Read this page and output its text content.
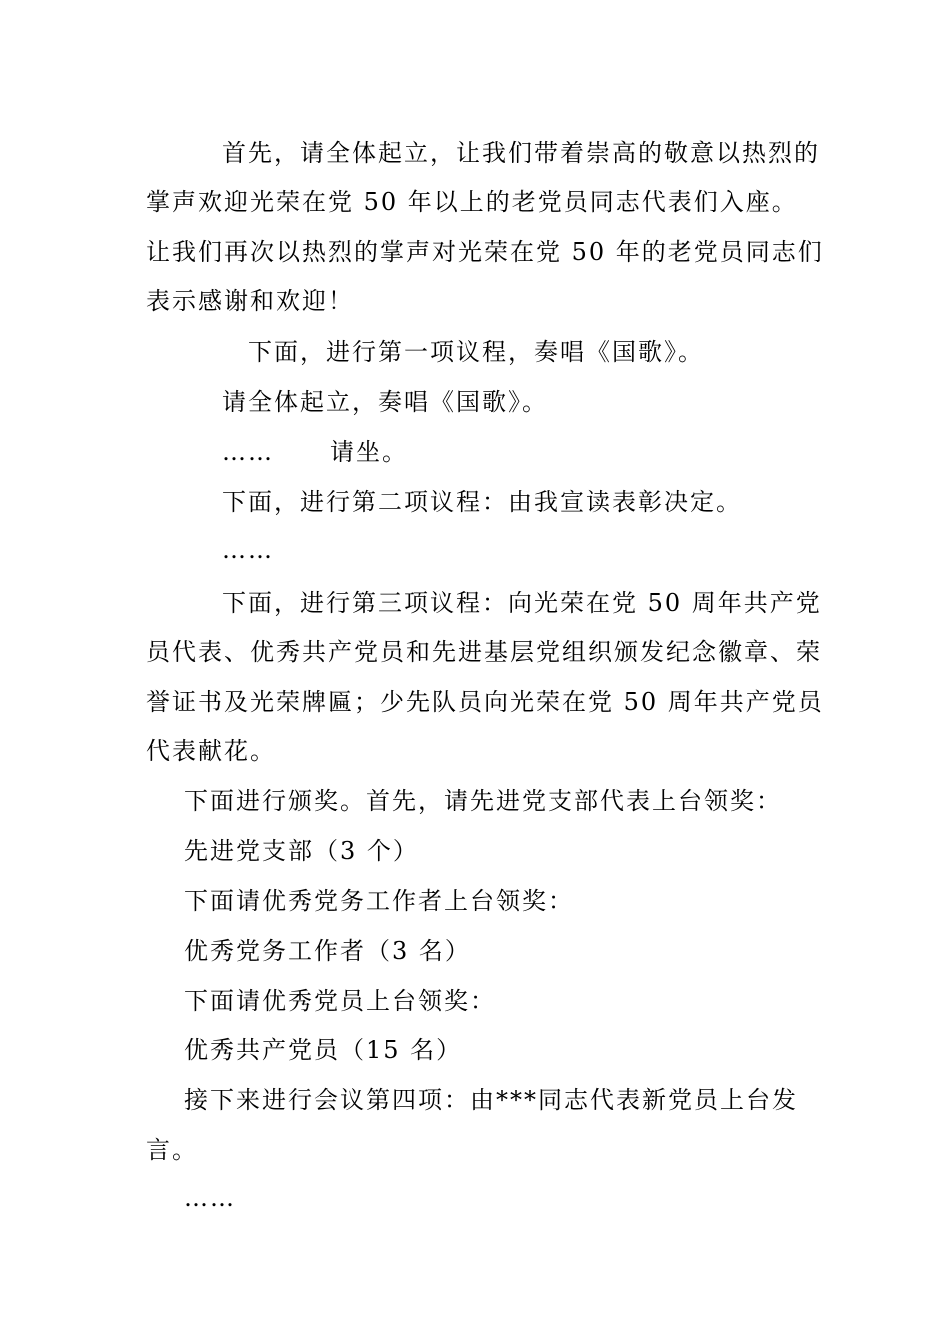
首先，请全体起立，让我们带着崇高的敬意以热烈的
掌声欢迎光荣在党 50 年以上的老党员同志代表们入座。
让我们再次以热烈的掌声对光荣在党 50 年的老党员同志们
表示感谢和欢迎！
下面，进行第一项议程，奏唱《国歌》。
请全体起立，奏唱《国歌》。
…… 请坐。
下面，进行第二项议程：由我宣读表彰决定。
……
下面，进行第三项议程：向光荣在党 50 周年共产党
员代表、优秀共产党员和先进基层党组织颁发纪念徽章、荣
誉证书及光荣牌匾；少先队员向光荣在党 50 周年共产党员
代表献花。
下面进行颁奖。首先，请先进党支部代表上台领奖：
先进党支部（3 个）
下面请优秀党务工作者上台领奖：
优秀党务工作者（3 名）
下面请优秀党员上台领奖：
优秀共产党员（15 名）
接下来进行会议第四项：由***同志代表新党员上台发
言。
……
